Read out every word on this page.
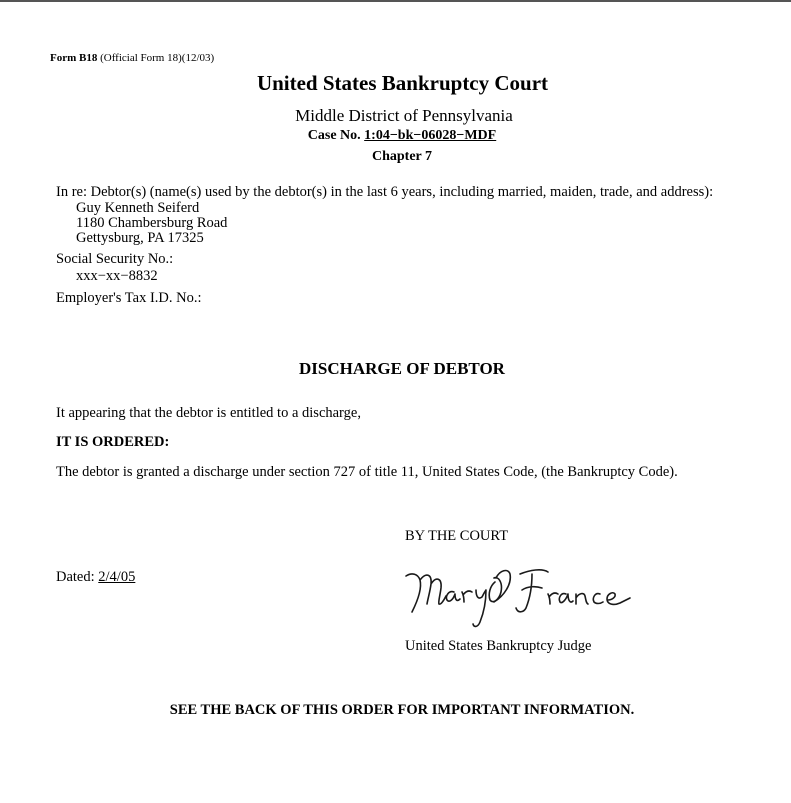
Form B18 (Official Form 18)(12/03)
United States Bankruptcy Court
Middle District of Pennsylvania
Case No. 1:04−bk−06028−MDF
Chapter 7
In re: Debtor(s) (name(s) used by the debtor(s) in the last 6 years, including married, maiden, trade, and address):
Guy Kenneth Seiferd
1180 Chambersburg Road
Gettysburg, PA 17325
Social Security No.:
xxx−xx−8832
Employer's Tax I.D. No.:
DISCHARGE OF DEBTOR
It appearing that the debtor is entitled to a discharge,
IT IS ORDERED:
The debtor is granted a discharge under section 727 of title 11, United States Code, (the Bankruptcy Code).
BY THE COURT
Dated: 2/4/05
United States Bankruptcy Judge
SEE THE BACK OF THIS ORDER FOR IMPORTANT INFORMATION.
